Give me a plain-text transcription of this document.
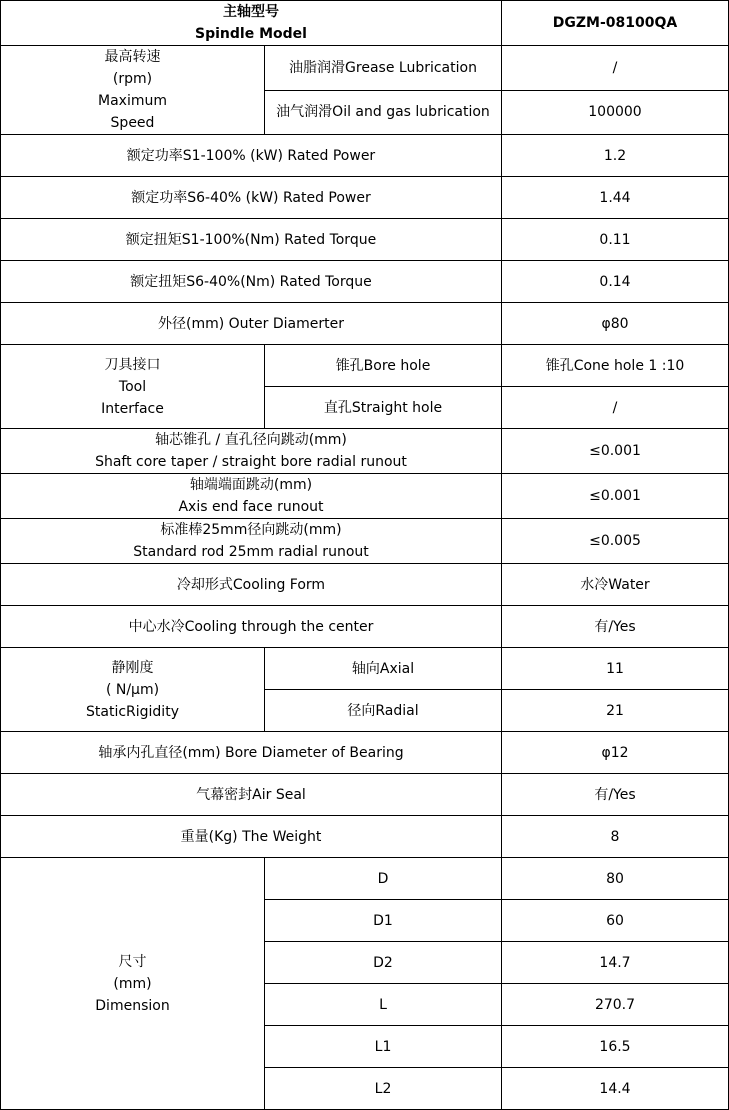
主轴型号
Spindle Model		DGZM-08100QA

最高转速
(rpm)
Maximum
Speed	油脂润滑Grease Lubrication	/
	油气润滑Oil and gas lubrication	100000
额定功率S1-100% (kW) Rated Power		1.2
额定功率S6-40% (kW) Rated Power		1.44
额定扭矩S1-100%(Nm) Rated Torque		0.11
额定扭矩S6-40%(Nm) Rated Torque		0.14
外径(mm) Outer Diamerter		φ80

刀具接口
Tool
Interface	锥孔Bore hole	锥孔Cone hole 1 :10
	直孔Straight hole	/

轴芯锥孔 / 直孔径向跳动(mm)
Shaft core taper / straight bore radial runout		≤0.001

轴端端面跳动(mm)
Axis end face runout		≤0.001

标准棒25mm径向跳动(mm)
Standard rod 25mm radial runout		≤0.005
冷却形式Cooling Form		水冷Water
中心水冷Cooling through the center		有/Yes

静刚度
( N/μm)
StaticRigidity	轴向Axial	11
	径向Radial	21
轴承内孔直径(mm) Bore Diameter of Bearing		φ12
气幕密封Air Seal		有/Yes
重量(Kg) The Weight		8

尺寸
(mm)
Dimension	D	80
	D1	60
	D2	14.7
	L	270.7
	L1	16.5
	L2	14.4
